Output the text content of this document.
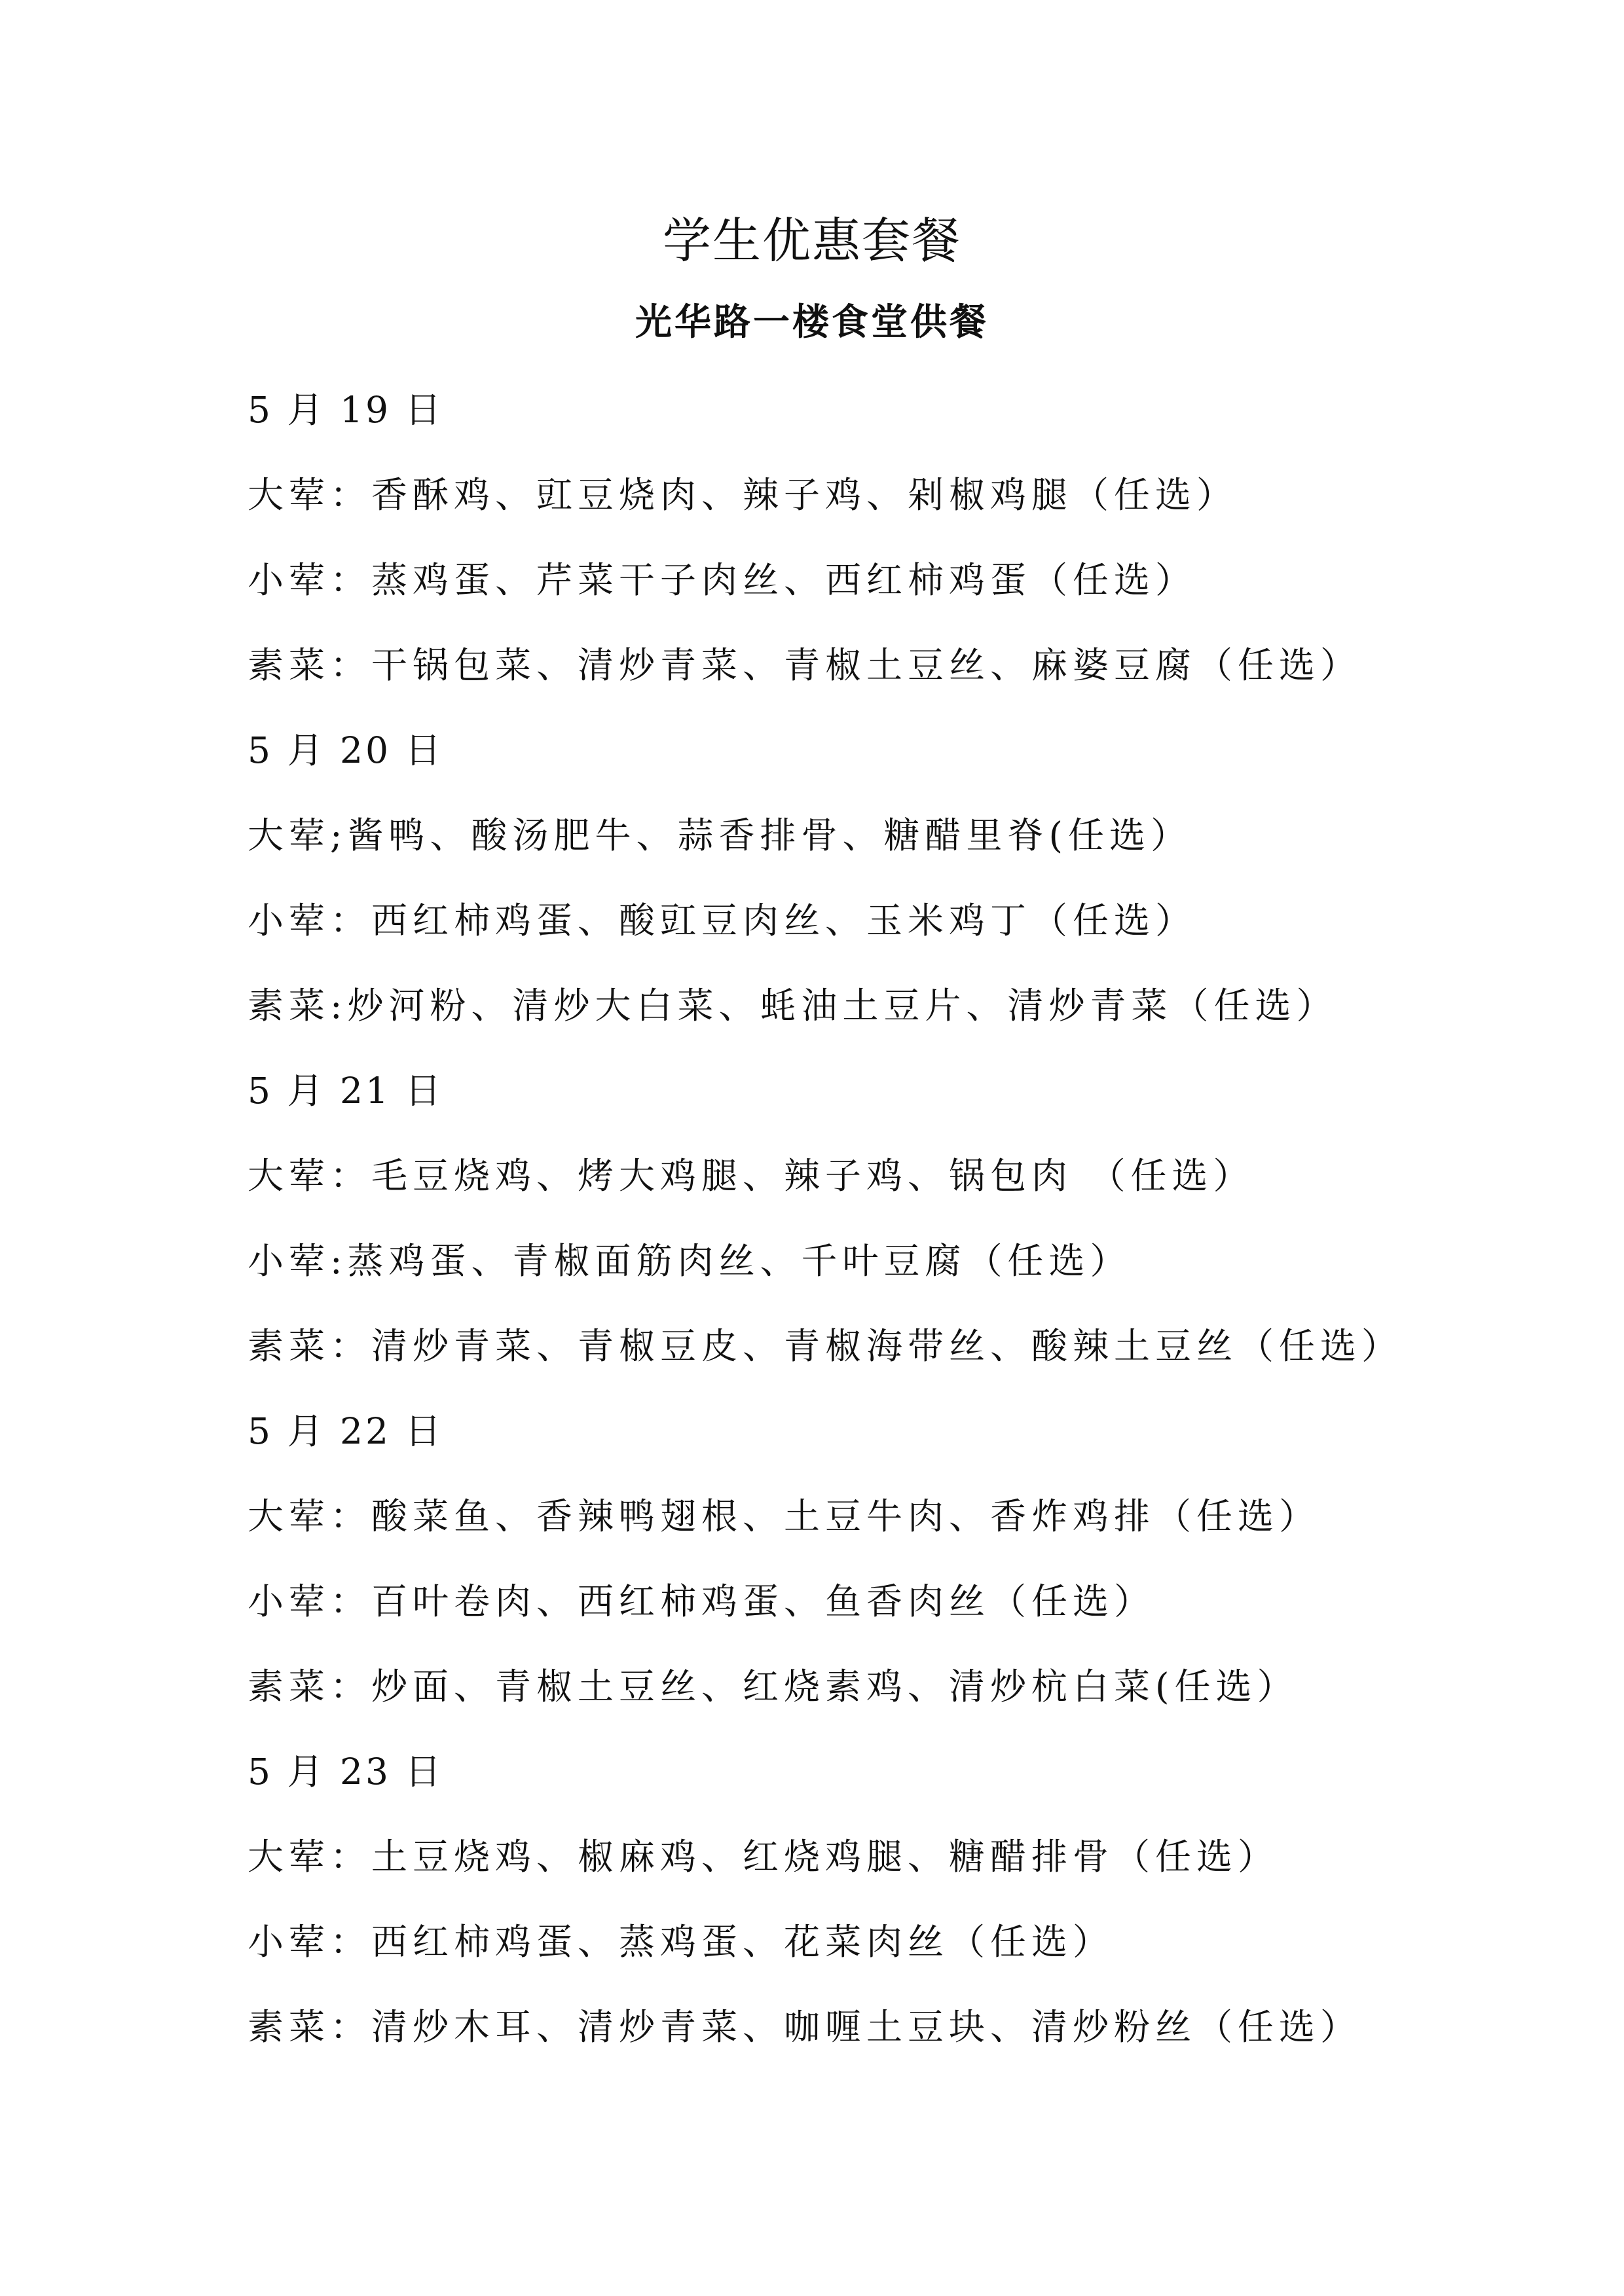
学生优惠套餐
光华路一楼食堂供餐
5 月 19 日
大荤：香酥鸡、豇豆烧肉、辣子鸡、剁椒鸡腿（任选）
小荤：蒸鸡蛋、芹菜干子肉丝、西红柿鸡蛋（任选）
素菜：干锅包菜、清炒青菜、青椒土豆丝、麻婆豆腐（任选）
5 月 20 日
大荤;酱鸭、酸汤肥牛、蒜香排骨、糖醋里脊(任选）
小荤：西红柿鸡蛋、酸豇豆肉丝、玉米鸡丁（任选）
素菜:炒河粉、清炒大白菜、蚝油土豆片、清炒青菜（任选）
5 月 21 日
大荤：毛豆烧鸡、烤大鸡腿、辣子鸡、锅包肉 （任选）
小荤:蒸鸡蛋、青椒面筋肉丝、千叶豆腐（任选）
素菜：清炒青菜、青椒豆皮、青椒海带丝、酸辣土豆丝（任选）
5 月 22 日
大荤：酸菜鱼、香辣鸭翅根、土豆牛肉、香炸鸡排（任选）
小荤：百叶卷肉、西红柿鸡蛋、鱼香肉丝（任选）
素菜：炒面、青椒土豆丝、红烧素鸡、清炒杭白菜(任选）
5 月 23 日
大荤：土豆烧鸡、椒麻鸡、红烧鸡腿、糖醋排骨（任选）
小荤：西红柿鸡蛋、蒸鸡蛋、花菜肉丝（任选）
素菜：清炒木耳、清炒青菜、咖喱土豆块、清炒粉丝（任选）
